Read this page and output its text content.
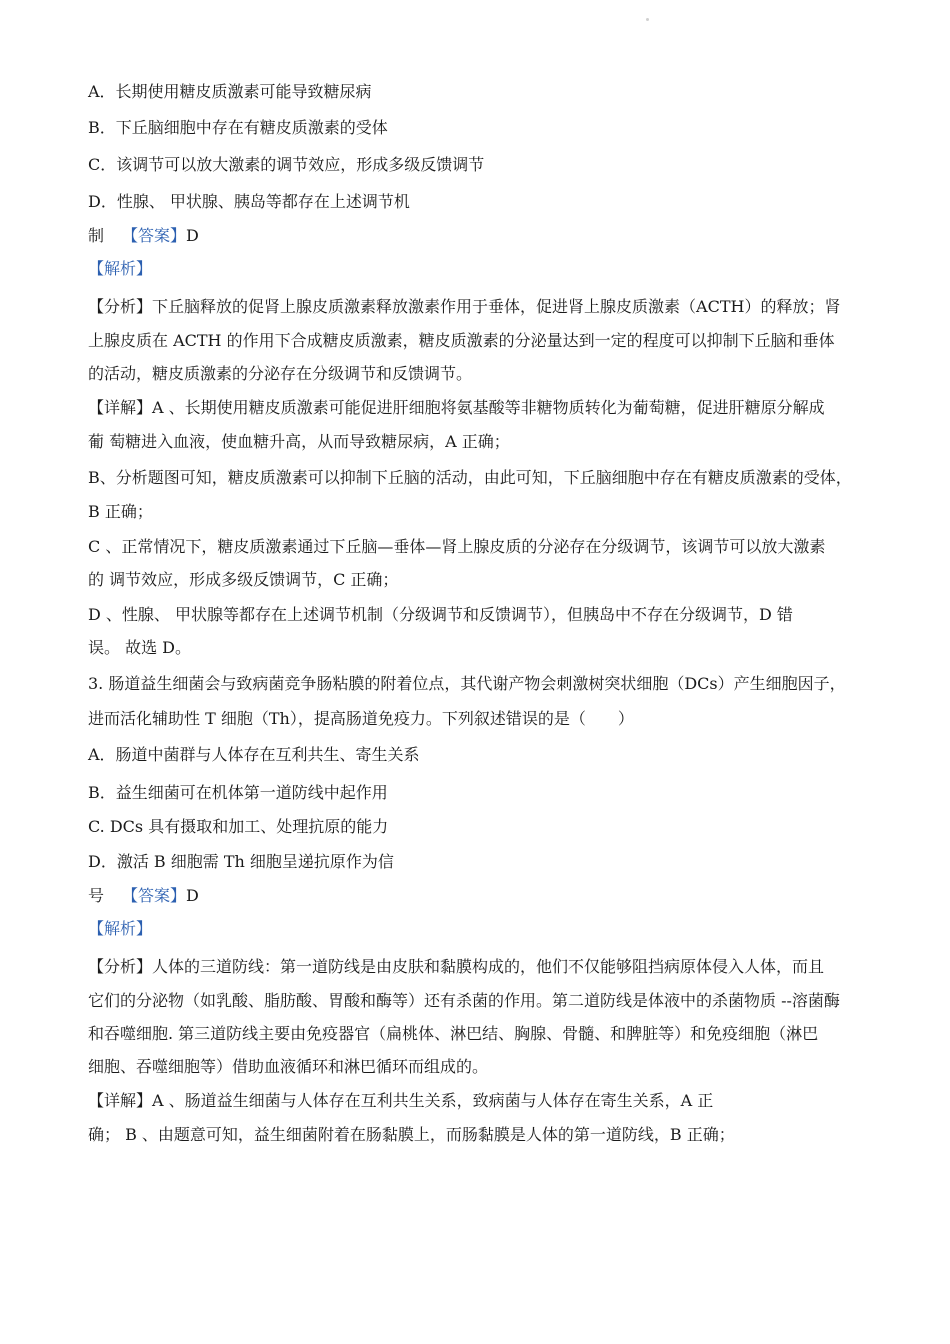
A．长期使用糖皮质激素可能导致糖尿病
B．下丘脑细胞中存在有糖皮质激素的受体
C．该调节可以放大激素的调节效应，形成多级反馈调节
D．性腺、 甲状腺、胰岛等都存在上述调节机
制 【答案】D
【解析】
【分析】下丘脑释放的促肾上腺皮质激素释放激素作用于垂体，促进肾上腺皮质激素（ACTH）的释放；肾
上腺皮质在 ACTH 的作用下合成糖皮质激素，糖皮质激素的分泌量达到一定的程度可以抑制下丘脑和垂体
的活动，糖皮质激素的分泌存在分级调节和反馈调节。
【详解】A 、长期使用糖皮质激素可能促进肝细胞将氨基酸等非糖物质转化为葡萄糖，促进肝糖原分解成
葡 萄糖进入血液，使血糖升高，从而导致糖尿病，A 正确；
B、分析题图可知，糖皮质激素可以抑制下丘脑的活动，由此可知，下丘脑细胞中存在有糖皮质激素的受体，
B 正确；
C 、正常情况下，糖皮质激素通过下丘脑—垂体—肾上腺皮质的分泌存在分级调节，该调节可以放大激素
的 调节效应，形成多级反馈调节，C 正确；
D 、性腺、 甲状腺等都存在上述调节机制（分级调节和反馈调节），但胰岛中不存在分级调节，D 错
误。 故选 D。
3. 肠道益生细菌会与致病菌竞争肠粘膜的附着位点，其代谢产物会刺激树突状细胞（DCs）产生细胞因子，
进而活化辅助性 T 细胞（Th），提高肠道免疫力。下列叙述错误的是（　　）
A．肠道中菌群与人体存在互利共生、寄生关系
B．益生细菌可在机体第一道防线中起作用
C. DCs 具有摄取和加工、处理抗原的能力
D．激活 B 细胞需 Th 细胞呈递抗原作为信
号 【答案】D
【解析】
【分析】人体的三道防线：第一道防线是由皮肤和黏膜构成的，他们不仅能够阻挡病原体侵入人体，而且
它们的分泌物（如乳酸、脂肪酸、胃酸和酶等）还有杀菌的作用。第二道防线是体液中的杀菌物质 --溶菌酶
和吞噬细胞. 第三道防线主要由免疫器官（扁桃体、淋巴结、胸腺、骨髓、和脾脏等）和免疫细胞（淋巴
细胞、吞噬细胞等）借助血液循环和淋巴循环而组成的。
【详解】A 、肠道益生细菌与人体存在互利共生关系，致病菌与人体存在寄生关系，A 正
确； B 、由题意可知，益生细菌附着在肠黏膜上，而肠黏膜是人体的第一道防线，B 正确；
